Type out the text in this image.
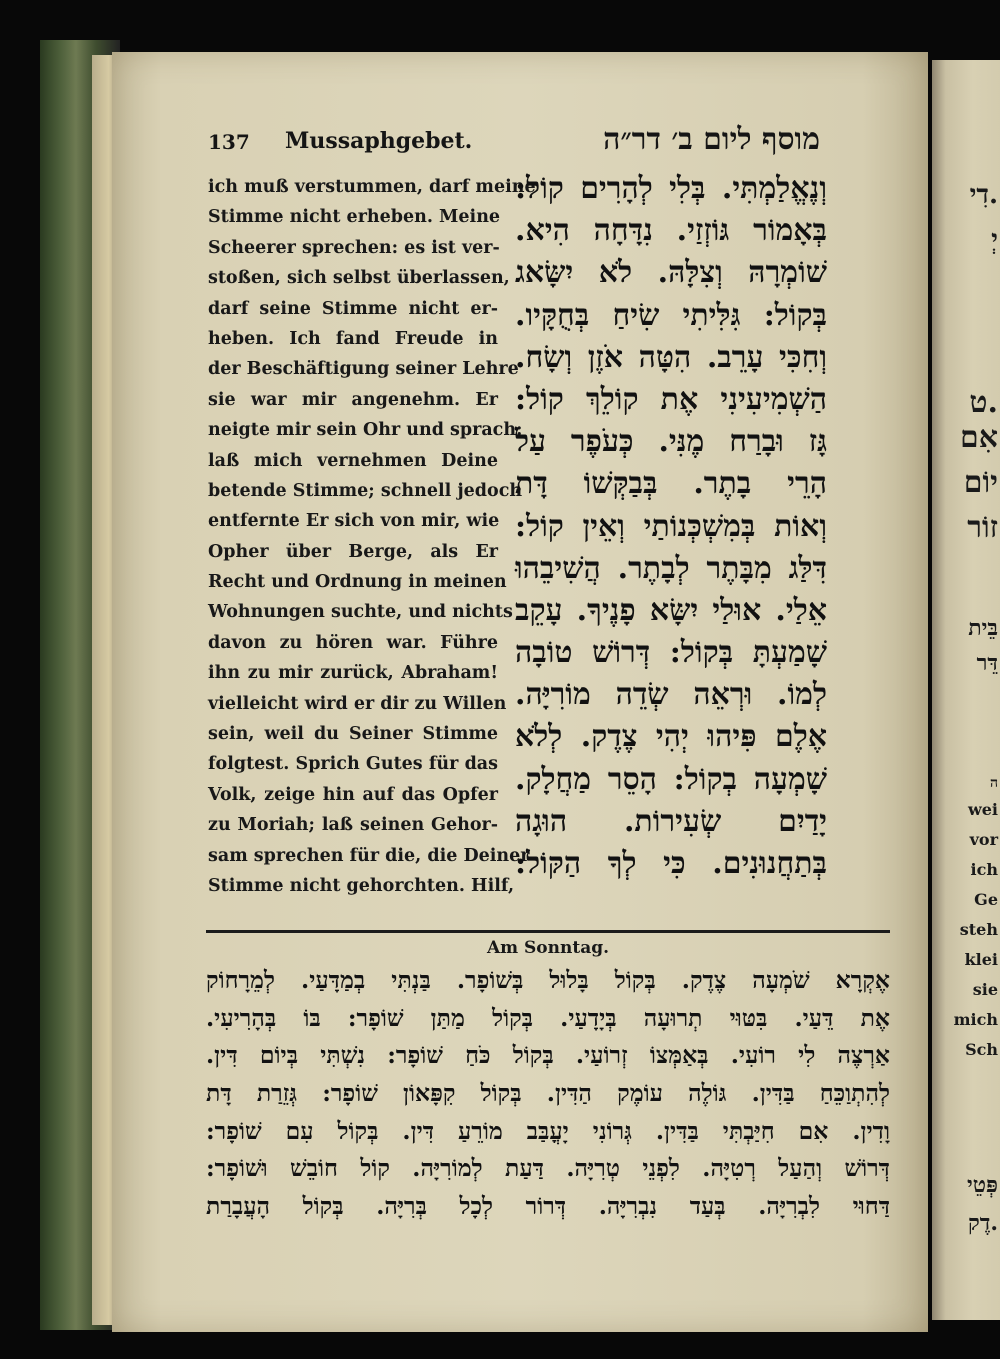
דִי.
יְ
ט.
אִם
יוֹם
זוֹר
בֵּית
דֵּר
ה
wei
vor
ich
Ge
steh
klei
sie
mich
Sch
פְּטֵי
דֶק.
137 Mussaphgebet.	מוסף ליום ב׳ דר״ה
ich muß verstummen, darf meine
Stimme nicht erheben. Meine
Scheerer sprechen: es ist ver-
stoßen, sich selbst überlassen,
darf seine Stimme nicht er-
heben. Ich fand Freude in
der Beschäftigung seiner Lehre
sie war mir angenehm. Er
neigte mir sein Ohr und sprach:
laß mich vernehmen Deine
betende Stimme; schnell jedoch
entfernte Er sich von mir, wie
Opher über Berge, als Er
Recht und Ordnung in meinen
Wohnungen suchte, und nichts
davon zu hören war. Führe
ihn zu mir zurück, Abraham!
vielleicht wird er dir zu Willen
sein, weil du Seiner Stimme
folgtest. Sprich Gutes für das
Volk, zeige hin auf das Opfer
zu Moriah; laß seinen Gehor-
sam sprechen für die, die Deiner
Stimme nicht gehorchten. Hilf,
וְנֶאֱלַמְתִּי. בְּלִי לְהָרִים קוֹל:
בְּאָמוֹר גּוֹזְזַי. נִדָּחָה הִיא.
שׁוֹמְרָהּ וְצִלָּהּ. לֹא יִשָּׂאג
בְּקוֹל: גִּלִּיתִי שִׂיחַ בְּחֻקָּיו.
וְחִכִּי עָרֵב. הִטָּה אֹזֶן וְשָׂח.
הַשְׁמִיעִינִי אֶת קוֹלֵךְ קוֹל:
גָּז וּבָרַח מֶנִּי. כְּעֹפֶר עַל
הָרֵי בָתֶר. בְּבַקְּשׁוֹ דָּת
וְאוֹת בְּמִשְׁכְּנוֹתַי וְאֵין קוֹל:
דִּלַּג מִבָּתֶר לְבָתֶר. הֲשִׁיבֵהוּ
אֵלַי. אוּלַי יִשָּׂא פָנֶיךָ. עָקֵב
שָׁמַעְתָּ בְּקוֹל: דְּרוֹשׁ טוֹבָה
לְמוֹ. וּרְאֵה שְׂדֵה מוֹרִיָּה.
אֶלֶם פִּיהוּ יְהִי צֶדֶק. לְלֹא
שָׁמְעָה בְקוֹל: הָסֵר מַחֲלָק.
יָדַיִם שְׂעִירוֹת. הוּגָה
בְּתַחֲנוּנִים. כִּי לְךָ הַקּוֹל:
Am Sonntag.
אֶקְרָא שֹׁמְעָה צֶדֶק. בְּקוֹל בָּלוּל בְּשׁוֹפָר. בַּנְתִּי בְמַדָּעַי. לְמֵרָחוֹק
אֶת דֵּעַי. בִּטּוּי תְרוּעָה בְּיָדָעַי. בְּקוֹל מַתַּן שׁוֹפָר: בּוֹ בְּהָרִיעִי.
אַרְצֶה לִי רוֹעִי. בְּאַמְּצוֹ זְרוֹעַי. בְּקוֹל כֹּחַ שׁוֹפָר: נִשְׁתִּי בְּיוֹם דִּין.
לְהִתְוַכֵּחַ בַּדִּין. גּוֹלֶה עוֹמֶק הַדִּין. בְּקוֹל קִפָּאוֹן שׁוֹפָר: גְּזֵרַת דָּת
וָדִין. אִם חִיַּבְתִּי בַּדִּין. גְּרוֹנִי יָעֳבַּב מוֹרֵעַ דִּין. בְּקוֹל עִם שׁוֹפָר:
דְּרוֹשׁ וְהַעַל רְטִיָּה. לִפְנֵי טְרִיָּה. דַּעַת לְמוֹרִיָּה. קוֹל חוֹבֵשׁ וּשׁוֹפָר:
דַּחוּי לִבְרִיָּה. בְּעַד נִבְרִיָּה. דְּרוֹר לְכָל בְּרִיָּה. בְּקוֹל הָעֲבָרַת
